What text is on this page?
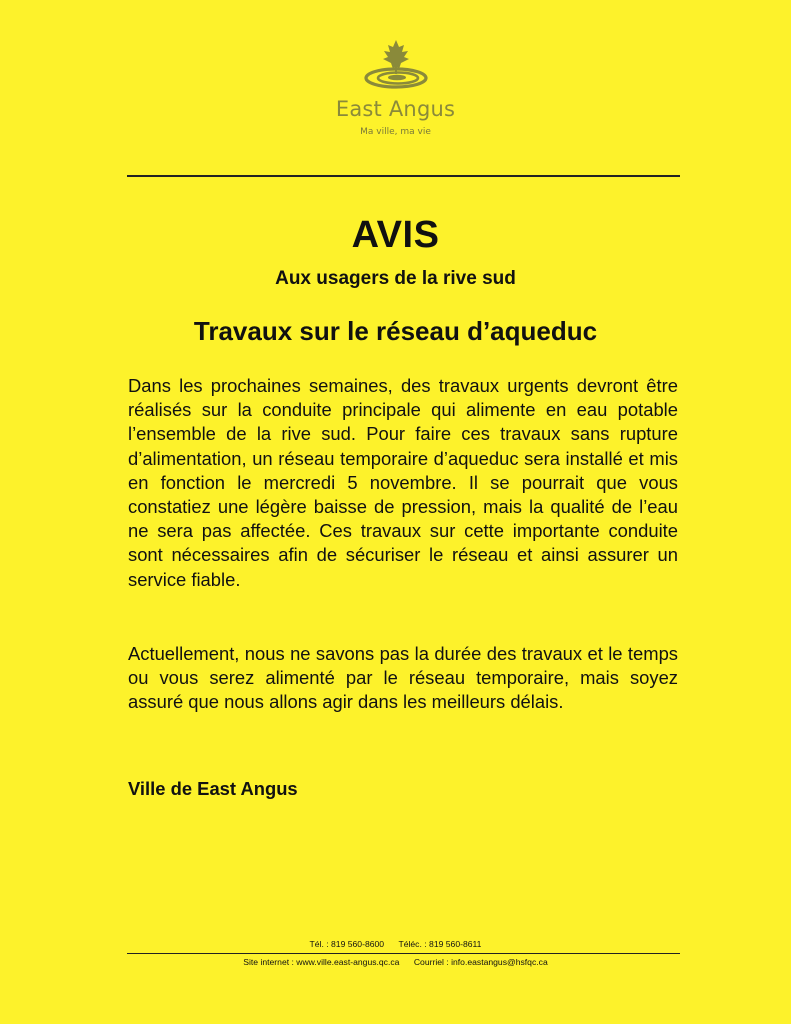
East Angus
Ma ville, ma vie
AVIS
Aux usagers de la rive sud
Travaux sur le réseau d’aqueduc

Dans les prochaines semaines, des travaux urgents devront être réalisés sur la conduite principale qui alimente en eau potable l’ensemble de la rive sud. Pour faire ces travaux sans rupture d’alimentation, un réseau temporaire d’aqueduc sera installé et mis en fonction le mercredi 5 novembre. Il se pourrait que vous constatiez une légère baisse de pression, mais la qualité de l’eau ne sera pas affectée. Ces travaux sur cette importante conduite sont nécessaires afin de sécuriser le réseau et ainsi assurer un service fiable.

Actuellement, nous ne savons pas la durée des travaux et le temps ou vous serez alimenté par le réseau temporaire, mais soyez assuré que nous allons agir dans les meilleurs délais.

Ville de East Angus
Tél. : 819 560-8600 Téléc. : 819 560-8611
Site internet : www.ville.east-angus.qc.ca Courriel : info.eastangus@hsfqc.ca
